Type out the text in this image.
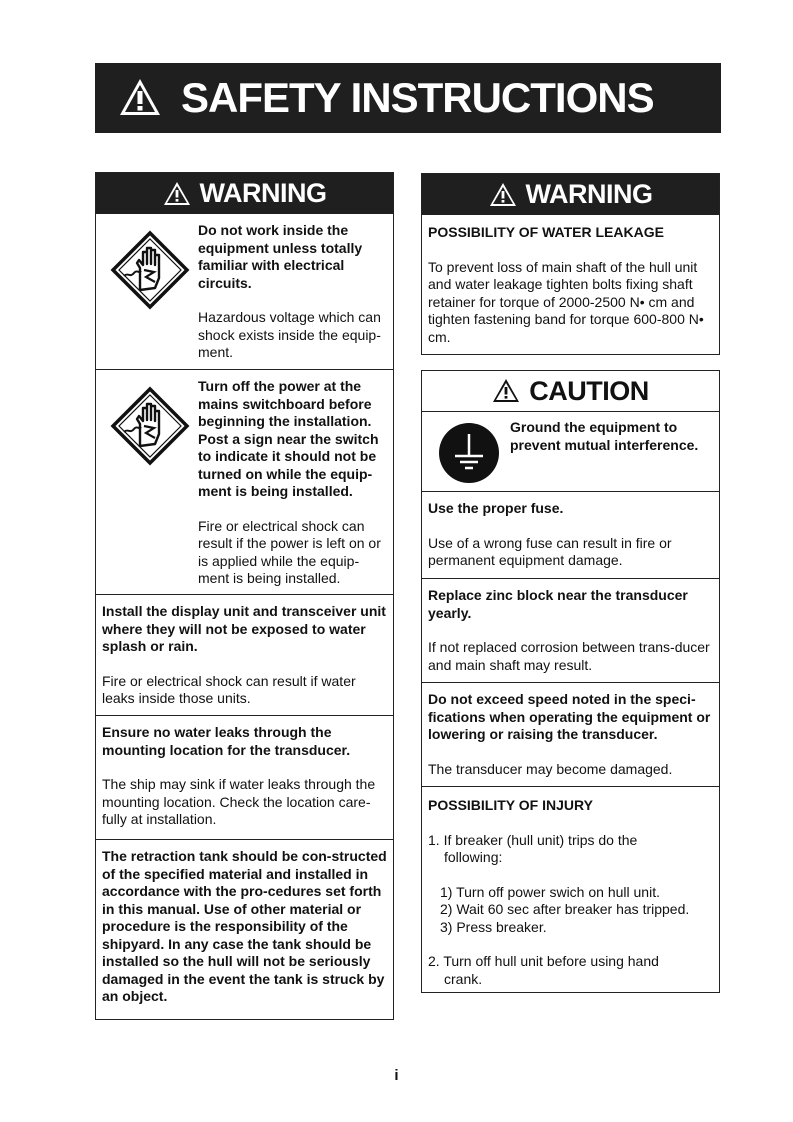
SAFETY INSTRUCTIONS
WARNING
Do not work inside the equipment unless totally familiar with electrical circuits.
Hazardous voltage which can shock exists inside the equip-ment.
Turn off the power at the mains switchboard before beginning the installation. Post a sign near the switch to indicate it should not be turned on while the equip-ment is being installed.
Fire or electrical shock can result if the power is left on or is applied while the equip-ment is being installed.
Install the display unit and transceiver unit where they will not be exposed to water splash or rain.
Fire or electrical shock can result if water leaks inside those units.
Ensure no water leaks through the mounting location for the transducer.
The ship may sink if water leaks through the mounting location. Check the location care-fully at installation.
The retraction tank should be con-structed of the specified material and installed in accordance with the pro-cedures set forth in this manual. Use of other material or procedure is the responsibility of the shipyard. In any case the tank should be installed so the hull will not be seriously damaged in the event the tank is struck by an object.
WARNING
POSSIBILITY OF WATER LEAKAGE
To prevent loss of main shaft of the hull unit and water leakage tighten bolts fixing shaft retainer for torque of 2000-2500 N• cm and tighten fastening band for torque 600-800 N• cm.
CAUTION
Ground the equipment to prevent mutual interference.
Use the proper fuse.
Use of a wrong fuse can result in fire or permanent equipment damage.
Replace zinc block near the transducer yearly.
If not replaced corrosion between trans-ducer and main shaft may result.
Do not exceed speed noted in the speci-fications when operating the equipment or lowering or raising the transducer.
The transducer may become damaged.
POSSIBILITY OF INJURY
1. If breaker (hull unit) trips do the
following:
1) Turn off power swich on hull unit.
2) Wait 60 sec after breaker has tripped.
3) Press breaker.
2. Turn off hull unit before using hand
crank.
i
